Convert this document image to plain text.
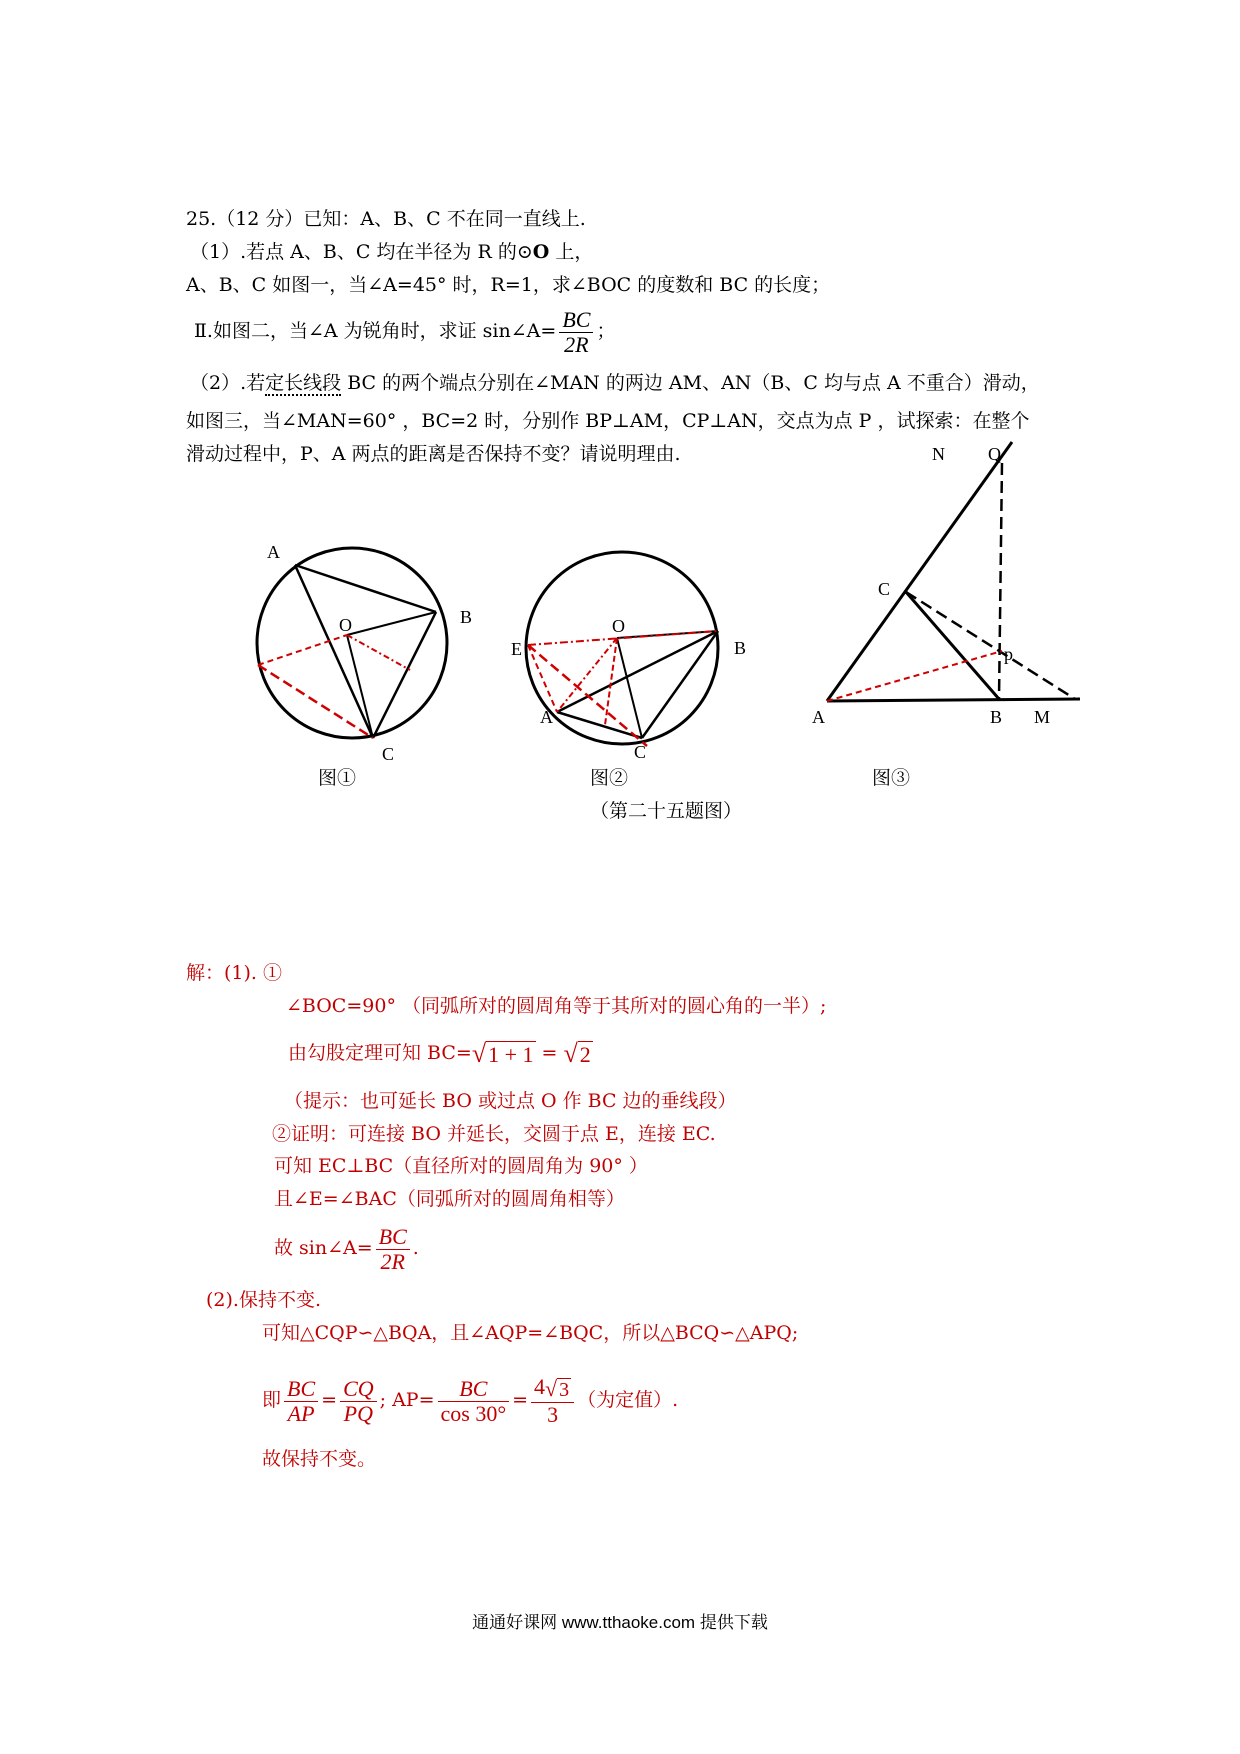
25.（12 分）已知：A、B、C 不在同一直线上.
（1）.若点 A、B、C 均在半径为 R 的⊙O 上，
A、B、C 如图一，当∠A=45° 时，R=1，求∠BOC 的度数和 BC 的长度；
Ⅱ.如图二，当∠A 为锐角时，求证 sin∠A= $\frac{BC}{2R}$ ；
（2）.若定长线段 BC 的两个端点分别在∠MAN 的两边 AM、AN（B、C 均与点 A 不重合）滑动，
如图三，当∠MAN=60° ，BC=2 时，分别作 BP⊥AM，CP⊥AN，交点为点 P ，试探索：在整个
滑动过程中，P、A 两点的距离是否保持不变？请说明理由.
A
B
C
O
E	B
A
C
O
N Q
C
p
A	B M
图①	图②	图③
（第二十五题图）
解：(1). ①
∠BOC=90° （同弧所对的圆周角等于其所对的圆心角的一半）;
由勾股定理可知 BC=√1 + 1 = √2
（提示：也可延长 BO 或过点 O 作 BC 边的垂线段）
②证明：可连接 BO 并延长，交圆于点 E，连接 EC.
可知 EC⊥BC（直径所对的圆周角为 90° ）
且∠E=∠BAC（同弧所对的圆周角相等）
故 sin∠A= $\frac{BC}{2R}$ .
(2).保持不变.
可知△CQP∽△BQA，且∠AQP=∠BQC，所以△BCQ∽△APQ;
即 $\frac{BC}{AP} = \frac{CQ}{PQ}$ ; $AP= \frac{BC}{\cos 30^\circ} = \frac{4√ 3}{3}$ （为定值）.
故保持不变。
通通好课网 www.tthaoke.com 提供下载
